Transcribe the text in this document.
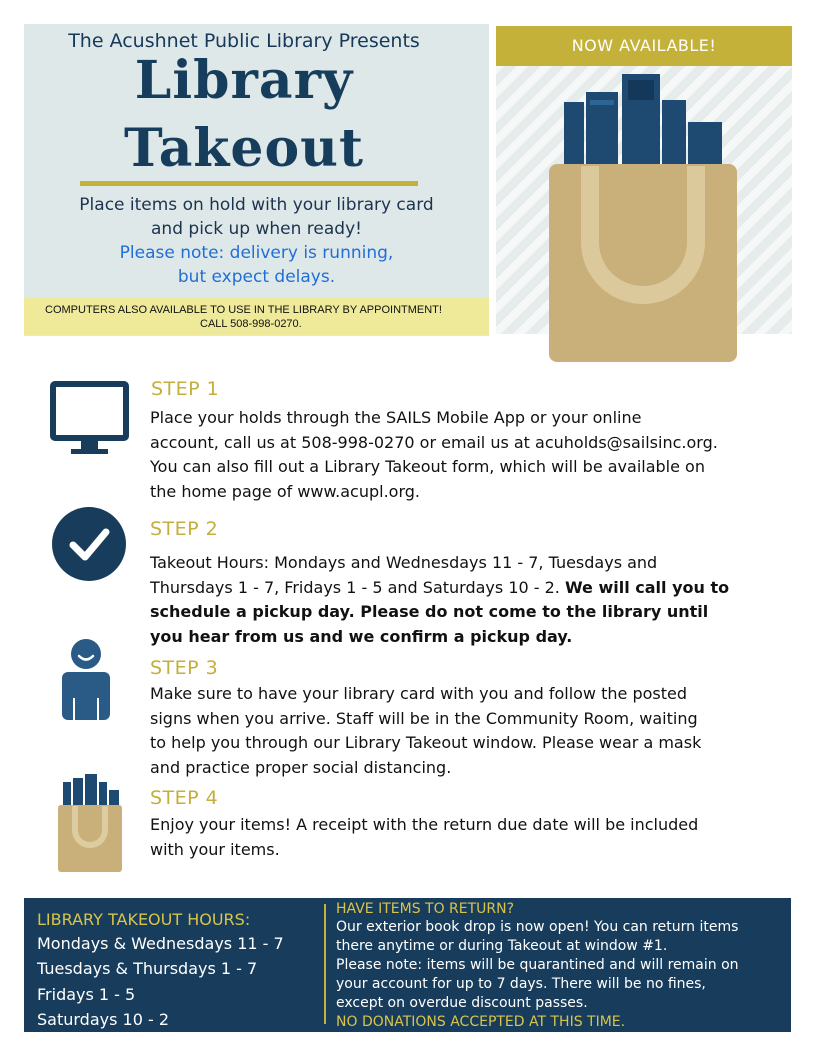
The Acushnet Public Library Presents
Library
Takeout
Place items on hold with your library card
and pick up when ready!
Please note: delivery is running,
but expect delays.
COMPUTERS ALSO AVAILABLE TO USE IN THE LIBRARY BY APPOINTMENT!
CALL 508-998-0270.
NOW AVAILABLE!
STEP 1
Place your holds through the SAILS Mobile App or your online
account, call us at 508-998-0270 or email us at acuholds@sailsinc.org.
You can also fill out a Library Takeout form, which will be available on
the home page of www.acupl.org.
STEP 2
Takeout Hours: Mondays and Wednesdays 11 - 7, Tuesdays and
Thursdays 1 - 7, Fridays 1 - 5 and Saturdays 10 - 2. We will call you to
schedule a pickup day. Please do not come to the library until
you hear from us and we confirm a pickup day.
STEP 3
Make sure to have your library card with you and follow the posted
signs when you arrive. Staff will be in the Community Room, waiting
to help you through our Library Takeout window. Please wear a mask
and practice proper social distancing.
STEP 4
Enjoy your items! A receipt with the return due date will be included
with your items.
LIBRARY TAKEOUT HOURS:
Mondays & Wednesdays 11 - 7
Tuesdays & Thursdays 1 - 7
Fridays 1 - 5
Saturdays 10 - 2
HAVE ITEMS TO RETURN?
Our exterior book drop is now open! You can return items
there anytime or during Takeout at window #1.
Please note: items will be quarantined and will remain on
your account for up to 7 days. There will be no fines,
except on overdue discount passes.
NO DONATIONS ACCEPTED AT THIS TIME.
